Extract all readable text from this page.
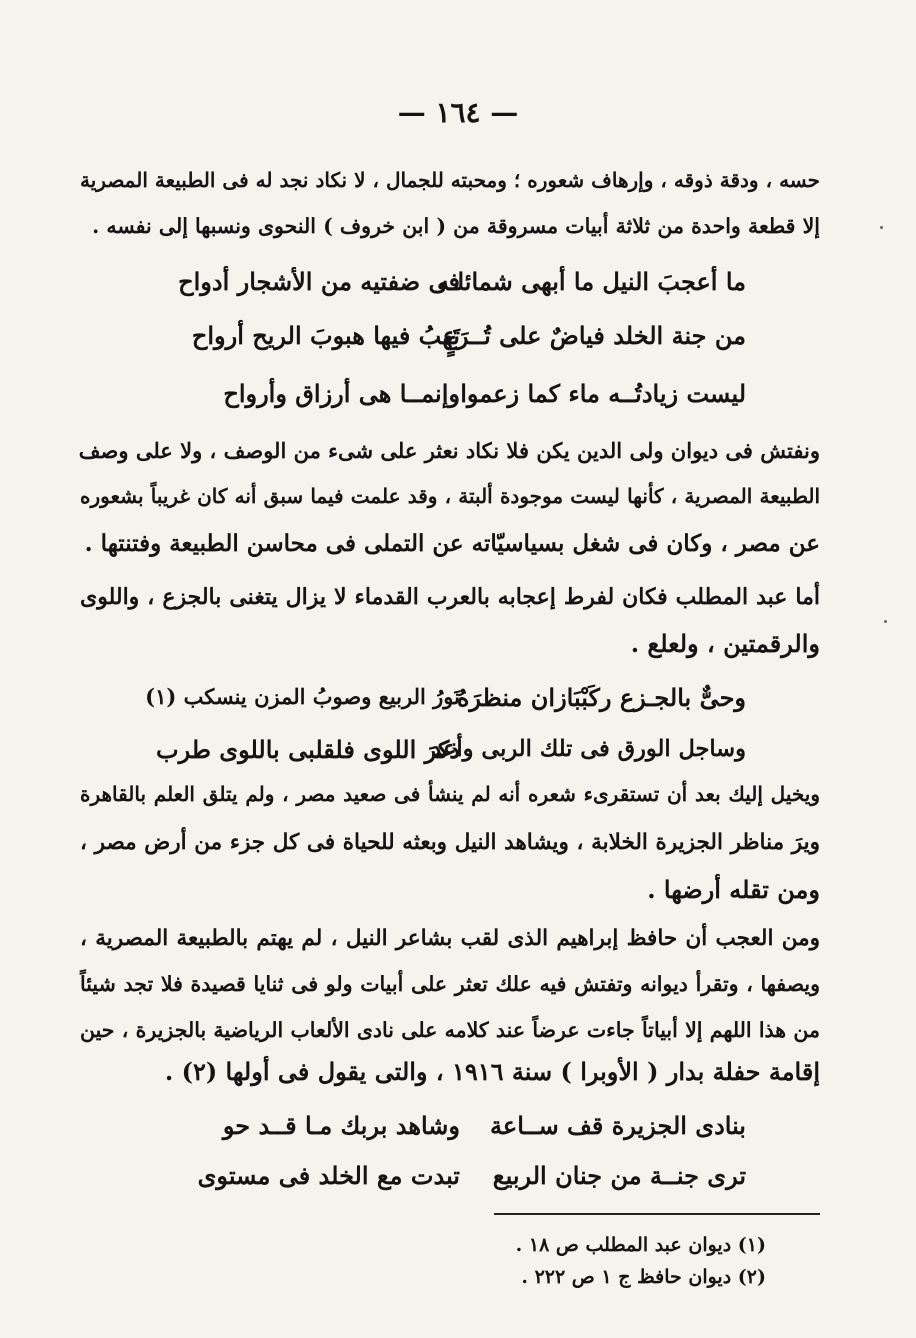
— ١٦٤ —
حسه ، ودقة ذوقه ، وإرهاف شعوره ؛ ومحبته للجمال ، لا نكاد نجد له فى الطبيعة المصرية
إلا قطعة واحدة من ثلاثة أبيات مسروقة من ( ابن خروف ) النحوى ونسبها إلى نفسه .
ما أعجبَ النيل ما أبهى شمائلـه
فى ضفتيه من الأشجار أدواح
من جنة الخلد فياضٌ على تُــرَعٍ
تَهبُ فيها هبوبَ الريح أرواح
ليست زيادتُــه ماء كما زعموا
وإنمــا هى أرزاق وأرواح
ونفتش فى ديوان ولى الدين يكن فلا نكاد نعثر على شىء من الوصف ، ولا على وصف
الطبيعة المصرية ، كأنها ليست موجودة ألبتة ، وقد علمت فيما سبق أنه كان غريباً بشعوره
عن مصر ، وكان فى شغل بسياسيّاته عن التملى فى محاسن الطبيعة وفتنتها .
أما عبد المطلب فكان لفرط إعجابه بالعرب القدماء لا يزال يتغنى بالجزع ، واللوى
والرقمتين ، ولعلع .
وحىٌّ بالجـزع ركَبْبَازان منظرَهُ
نَورُ الربيع وصوبُ المزن ينسكب (١)
وساجل الورق فى تلك الربى وأعد
ذكرَ اللوى فلقلبى باللوى طرب
ويخيل إليك بعد أن تستقرىء شعره أنه لم ينشأ فى صعيد مصر ، ولم يتلق العلم بالقاهرة
ويرَ مناظر الجزيرة الخلابة ، ويشاهد النيل وبعثه للحياة فى كل جزء من أرض مصر ،
ومن تقله أرضها .
ومن العجب أن حافظ إبراهيم الذى لقب بشاعر النيل ، لم يهتم بالطبيعة المصرية ،
ويصفها ، وتقرأ ديوانه وتفتش فيه علك تعثر على أبيات ولو فى ثنايا قصيدة فلا تجد شيئاً
من هذا اللهم إلا أبياتاً جاءت عرضاً عند كلامه على نادى الألعاب الرياضية بالجزيرة ، حين
إقامة حفلة بدار ( الأوبرا ) سنة ١٩١٦ ، والتى يقول فى أولها (٢) .
بنادى الجزيرة قف ســاعة
وشاهد بربك مـا قــد حو
ترى جنــة من جنان الربيع
تبدت مع الخلد فى مستوى
(١) ديوان عبد المطلب ص ١٨ .
(٢) ديوان حافظ ج ١ ص ٢٢٢ .
